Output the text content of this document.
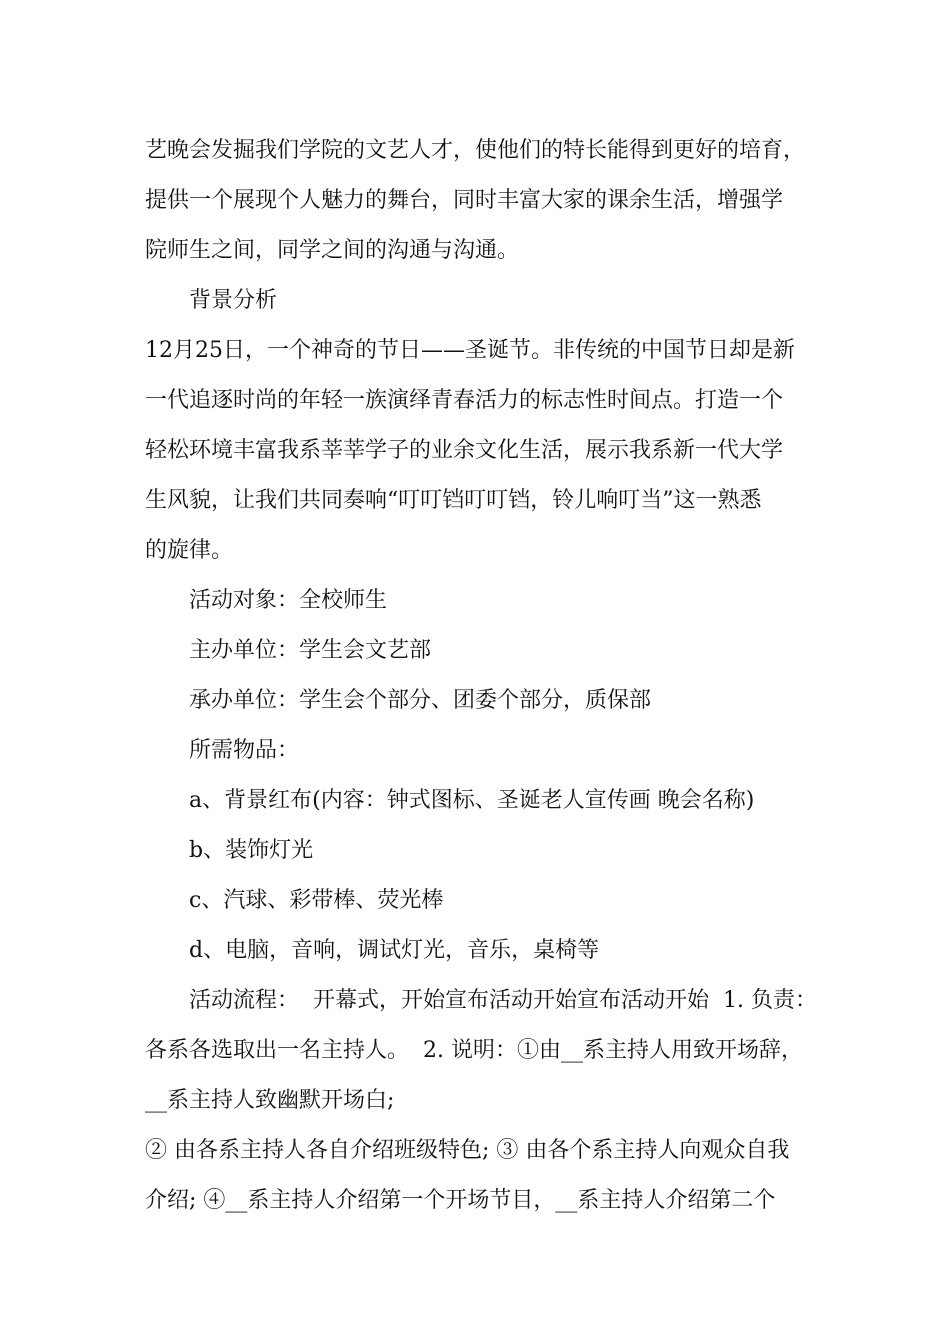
艺晚会发掘我们学院的文艺人才，使他们的特长能得到更好的培育，
提供一个展现个人魅力的舞台，同时丰富大家的课余生活，增强学
院师生之间，同学之间的沟通与沟通。
背景分析
12月25日，一个神奇的节日——圣诞节。非传统的中国节日却是新
一代追逐时尚的年轻一族演绎青春活力的标志性时间点。打造一个
轻松环境丰富我系莘莘学子的业余文化生活，展示我系新一代大学
生风貌，让我们共同奏响“叮叮铛叮叮铛，铃儿响叮当”这一熟悉
的旋律。
活动对象：全校师生
主办单位：学生会文艺部
承办单位：学生会个部分、团委个部分，质保部
所需物品：
a、背景红布(内容：钟式图标、圣诞老人宣传画 晚会名称)
b、装饰灯光
c、汽球、彩带棒、荧光棒
d、电脑，音响，调试灯光，音乐，桌椅等
活动流程：  开幕式，开始宣布活动开始宣布活动开始  1. 负责：
各系各选取出一名主持人。  2. 说明：①由__系主持人用致开场辞，
__系主持人致幽默开场白;
② 由各系主持人各自介绍班级特色; ③ 由各个系主持人向观众自我
介绍; ④__系主持人介绍第一个开场节目，__系主持人介绍第二个
